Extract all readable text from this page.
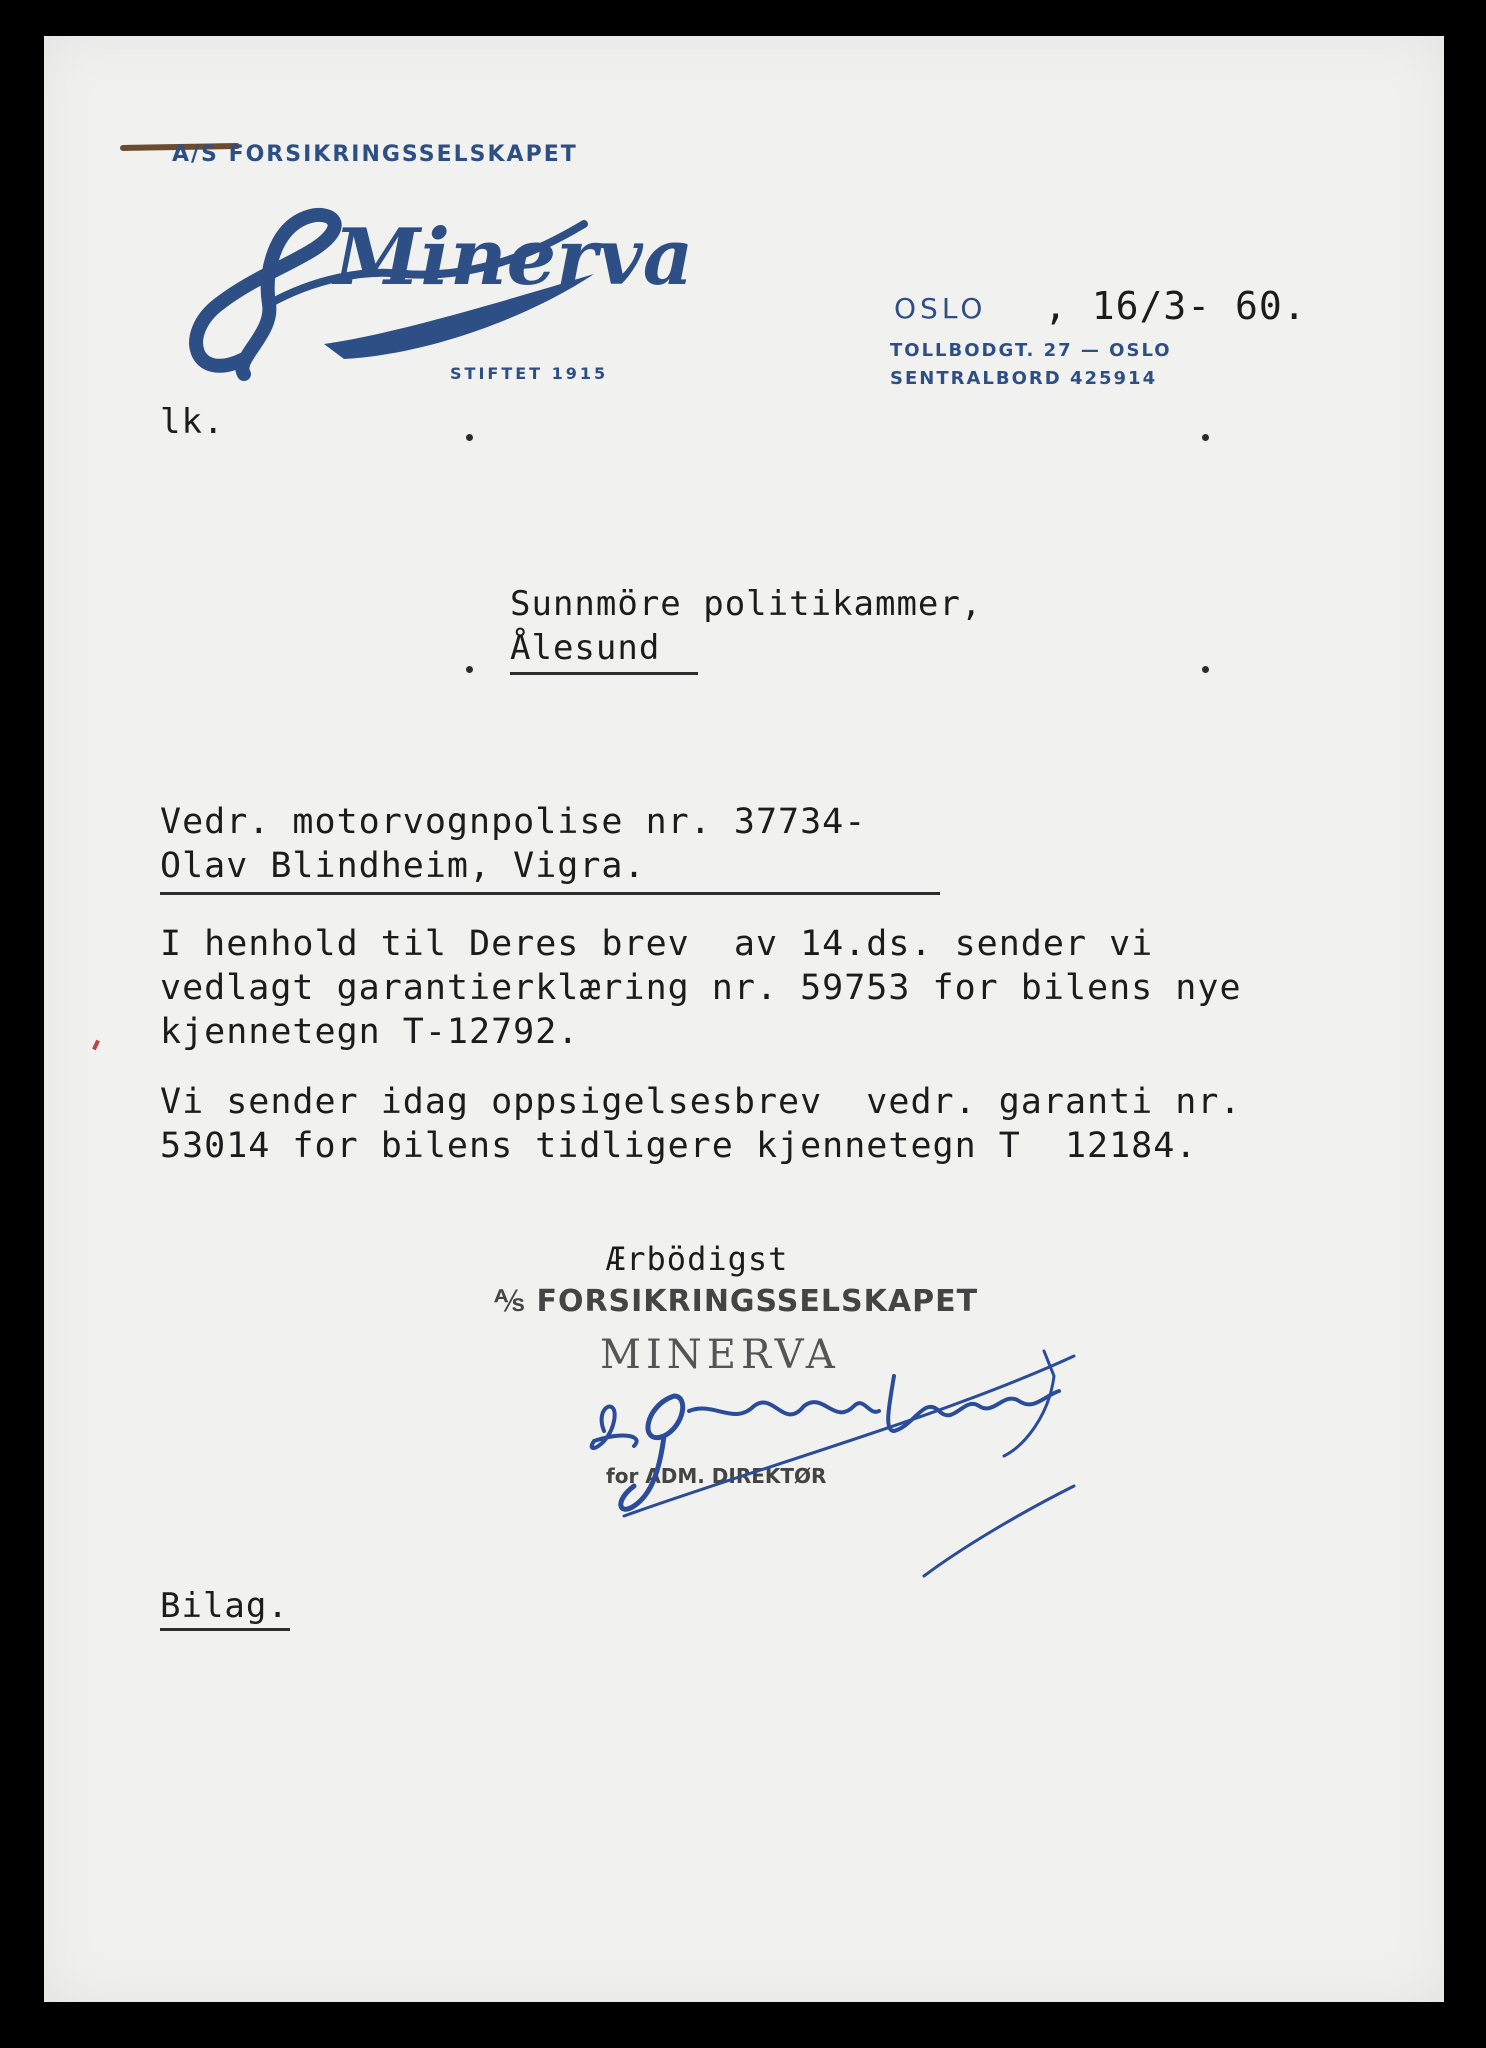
A/S FORSIKRINGSSELSKAPET
Minerva
STIFTET 1915
OSLO , 16/3- 60.
TOLLBODGT. 27 — OSLO
SENTRALBORD 425914
lk.
Sunnmöre politikammer,
Ålesund
Vedr. motorvognpolise nr. 37734-
Olav Blindheim, Vigra.
I henhold til Deres brev  av 14.ds. sender vi
vedlagt garantierklæring nr. 59753 for bilens nye
kjennetegn T-12792.
Vi sender idag oppsigelsesbrev  vedr. garanti nr.
53014 for bilens tidligere kjennetegn T  12184.
Ærbödigst
⅍ FORSIKRINGSSELSKAPET
MINERVA
for ADM. DIREKTØR
Bilag.
